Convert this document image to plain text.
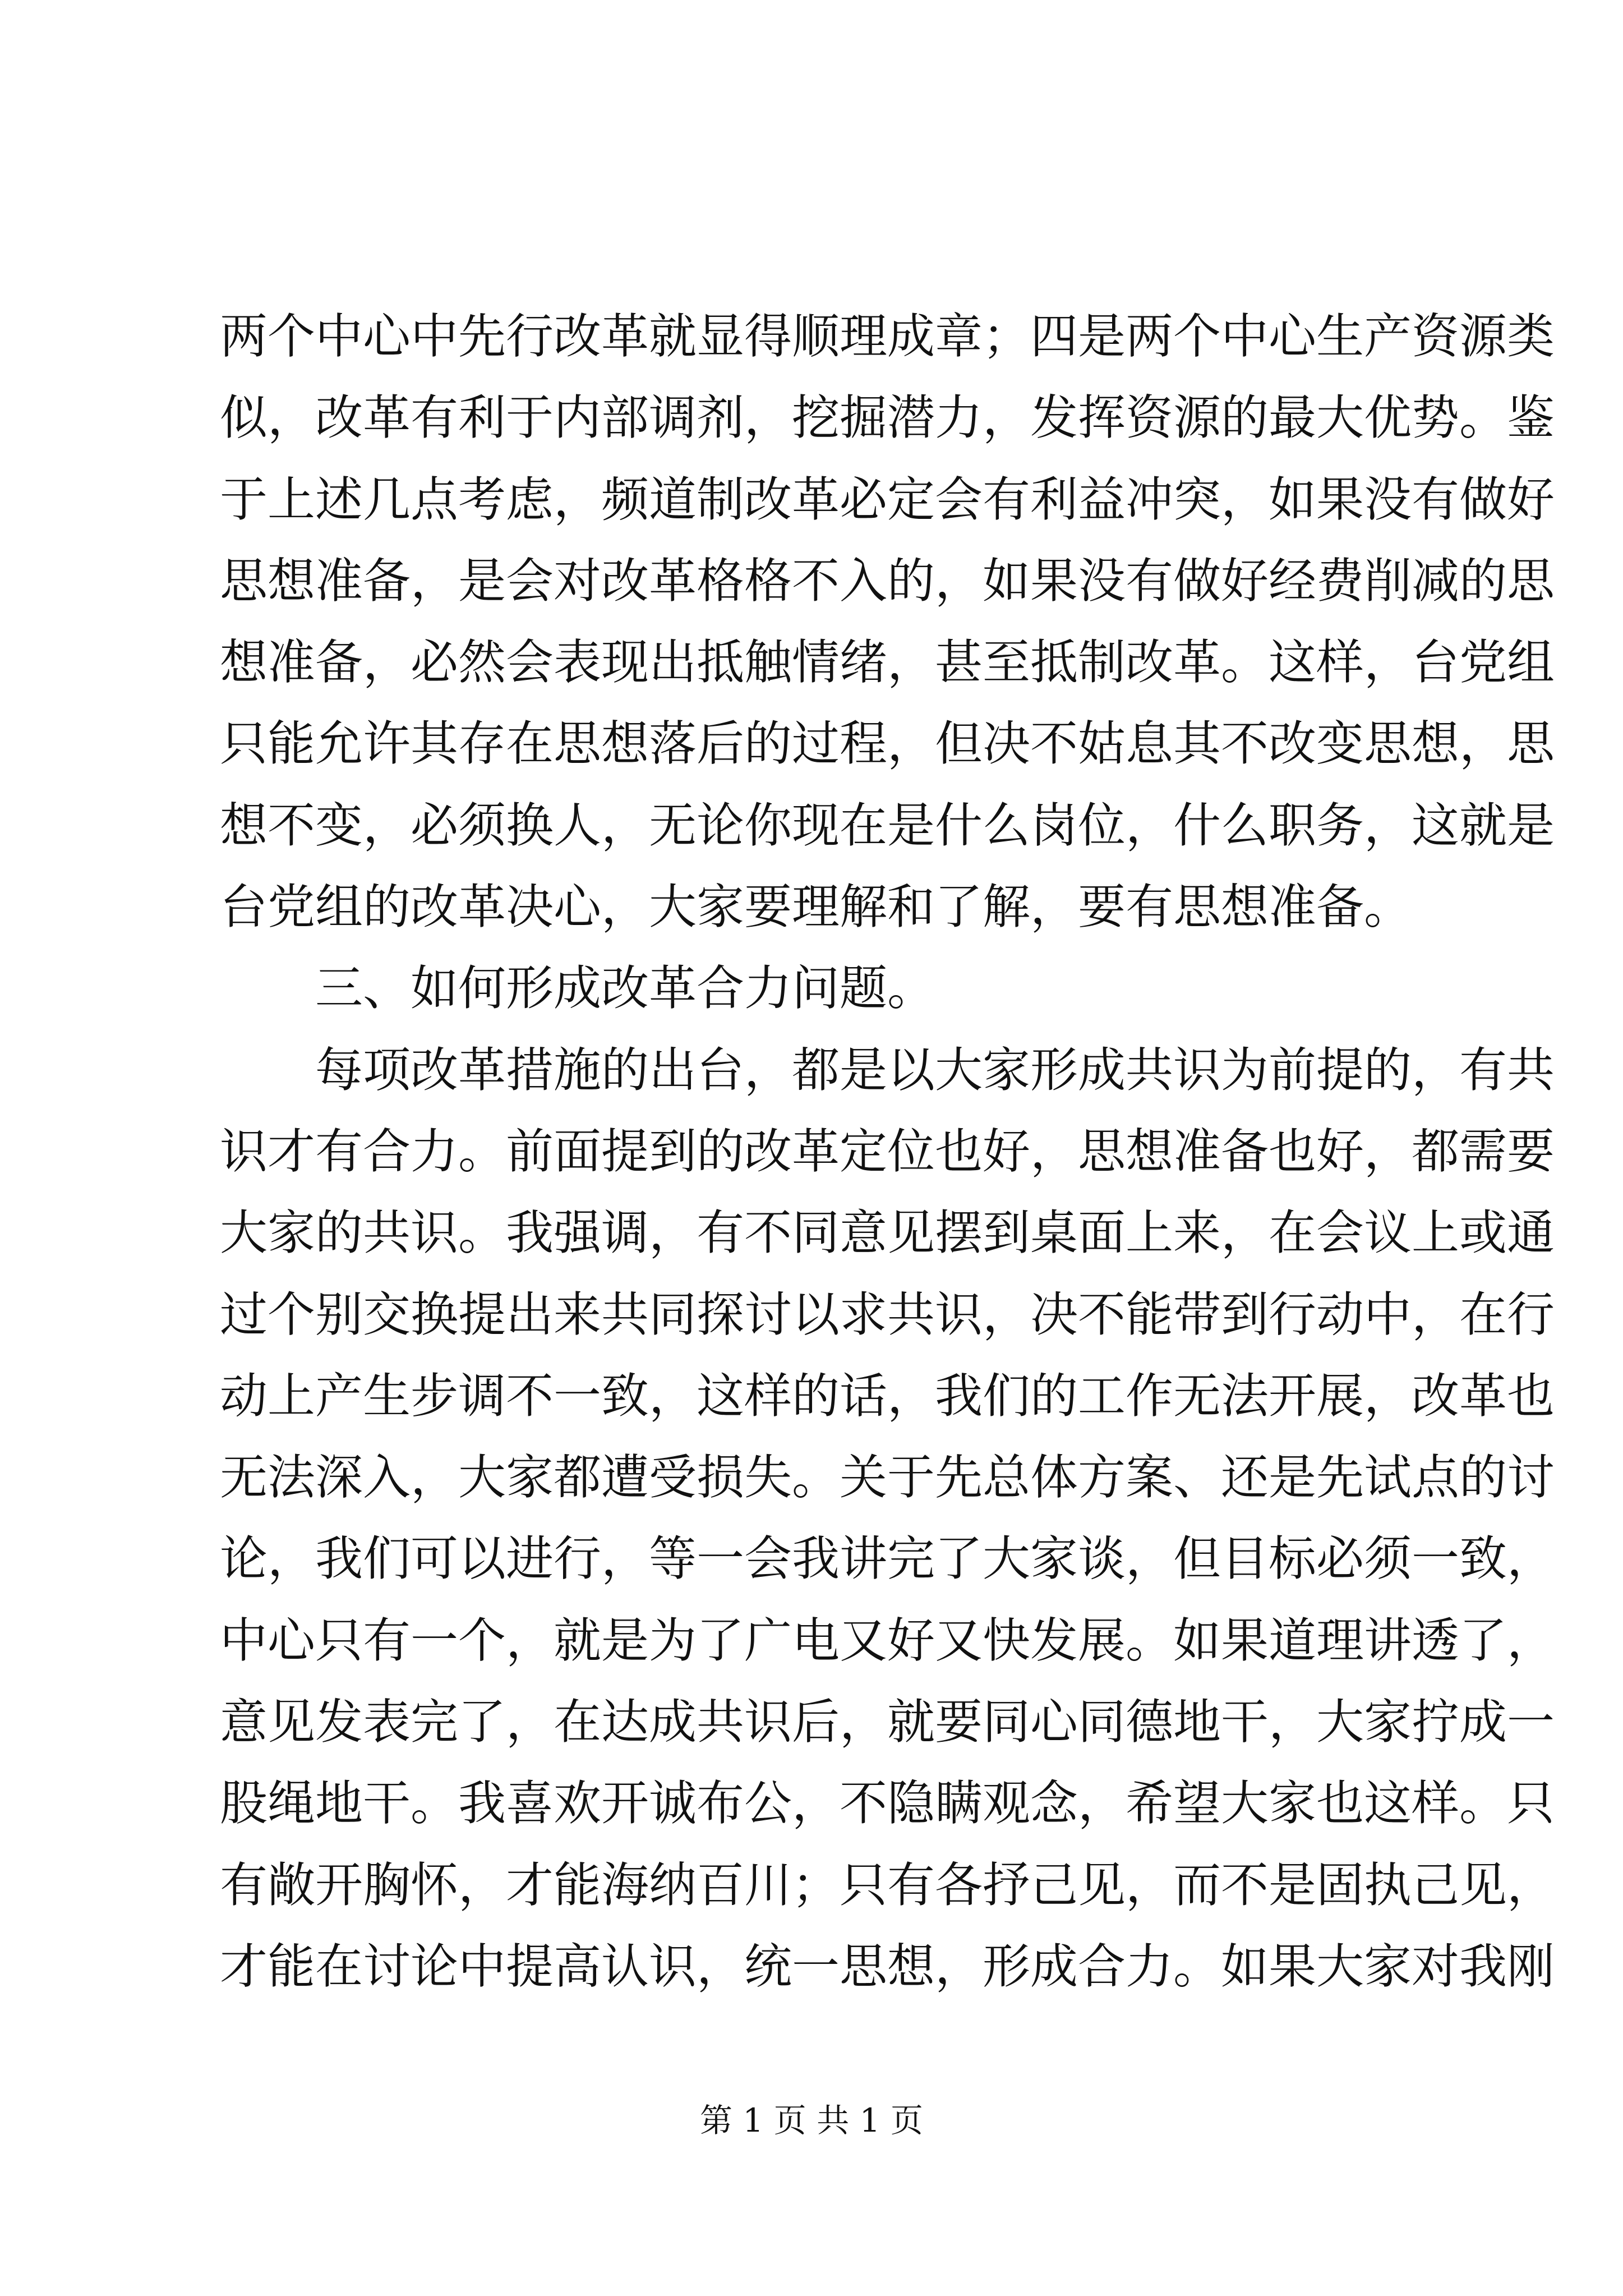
两个中心中先行改革就显得顺理成章；四是两个中心生产资源类
似，改革有利于内部调剂，挖掘潜力，发挥资源的最大优势。鉴
于上述几点考虑，频道制改革必定会有利益冲突，如果没有做好
思想准备，是会对改革格格不入的，如果没有做好经费削减的思
想准备，必然会表现出抵触情绪，甚至抵制改革。这样，台党组
只能允许其存在思想落后的过程，但决不姑息其不改变思想，思
想不变，必须换人，无论你现在是什么岗位，什么职务，这就是
台党组的改革决心，大家要理解和了解，要有思想准备。
三、如何形成改革合力问题。
每项改革措施的出台，都是以大家形成共识为前提的，有共
识才有合力。前面提到的改革定位也好，思想准备也好，都需要
大家的共识。我强调，有不同意见摆到桌面上来，在会议上或通
过个别交换提出来共同探讨以求共识，决不能带到行动中，在行
动上产生步调不一致，这样的话，我们的工作无法开展，改革也
无法深入，大家都遭受损失。关于先总体方案、还是先试点的讨
论，我们可以进行，等一会我讲完了大家谈，但目标必须一致，
中心只有一个，就是为了广电又好又快发展。如果道理讲透了，
意见发表完了，在达成共识后，就要同心同德地干，大家拧成一
股绳地干。我喜欢开诚布公，不隐瞒观念，希望大家也这样。只
有敞开胸怀，才能海纳百川；只有各抒己见，而不是固执己见，
才能在讨论中提高认识，统一思想，形成合力。如果大家对我刚
第 1 页 共 1 页
